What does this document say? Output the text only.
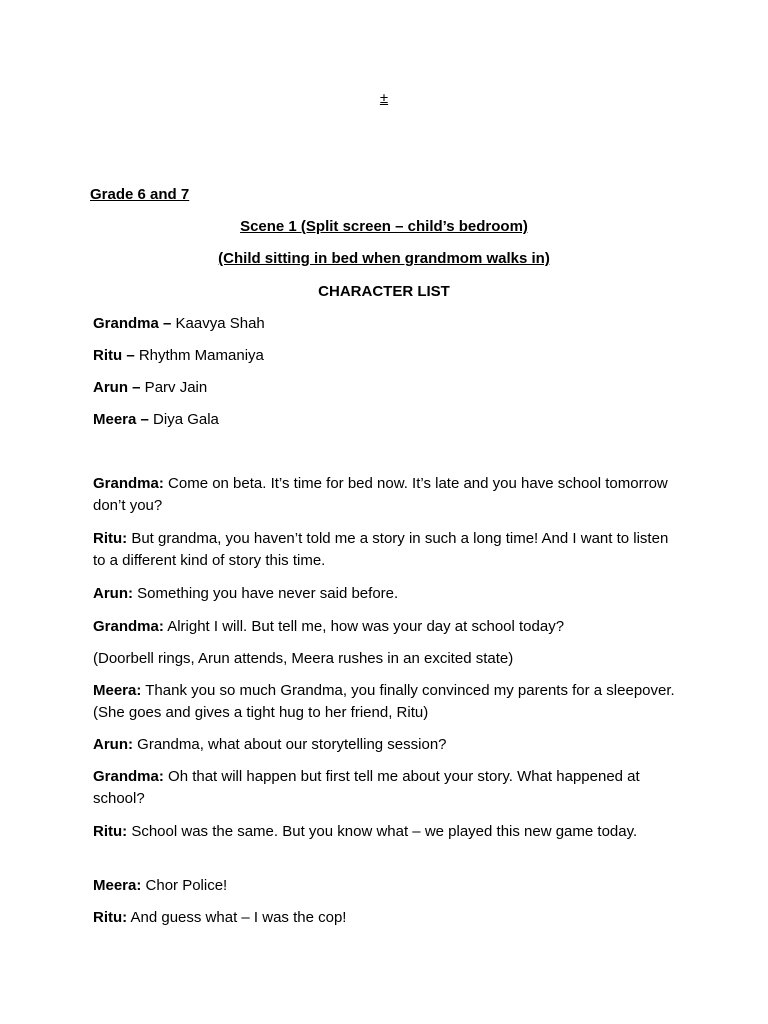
±
Grade 6 and 7
Scene 1 (Split screen – child’s bedroom)
(Child sitting in bed when grandmom walks in)
CHARACTER LIST
Grandma – Kaavya Shah
Ritu – Rhythm Mamaniya
Arun – Parv Jain
Meera – Diya Gala
Grandma: Come on beta. It’s time for bed now. It’s late and you have school tomorrow don’t you?
Ritu: But grandma, you haven’t told me a story in such a long time! And I want to listen to a different kind of story this time.
Arun: Something you have never said before.
Grandma: Alright I will. But tell me, how was your day at school today?
(Doorbell rings, Arun attends, Meera rushes in an excited state)
Meera: Thank you so much Grandma, you finally convinced my parents for a sleepover.(She goes and gives a tight hug to her friend, Ritu)
Arun: Grandma, what about our storytelling session?
Grandma: Oh that will happen but first tell me about your story. What happened at school?
Ritu: School was the same. But you know what – we played this new game today.
Meera: Chor Police!
Ritu: And guess what – I was the cop!
